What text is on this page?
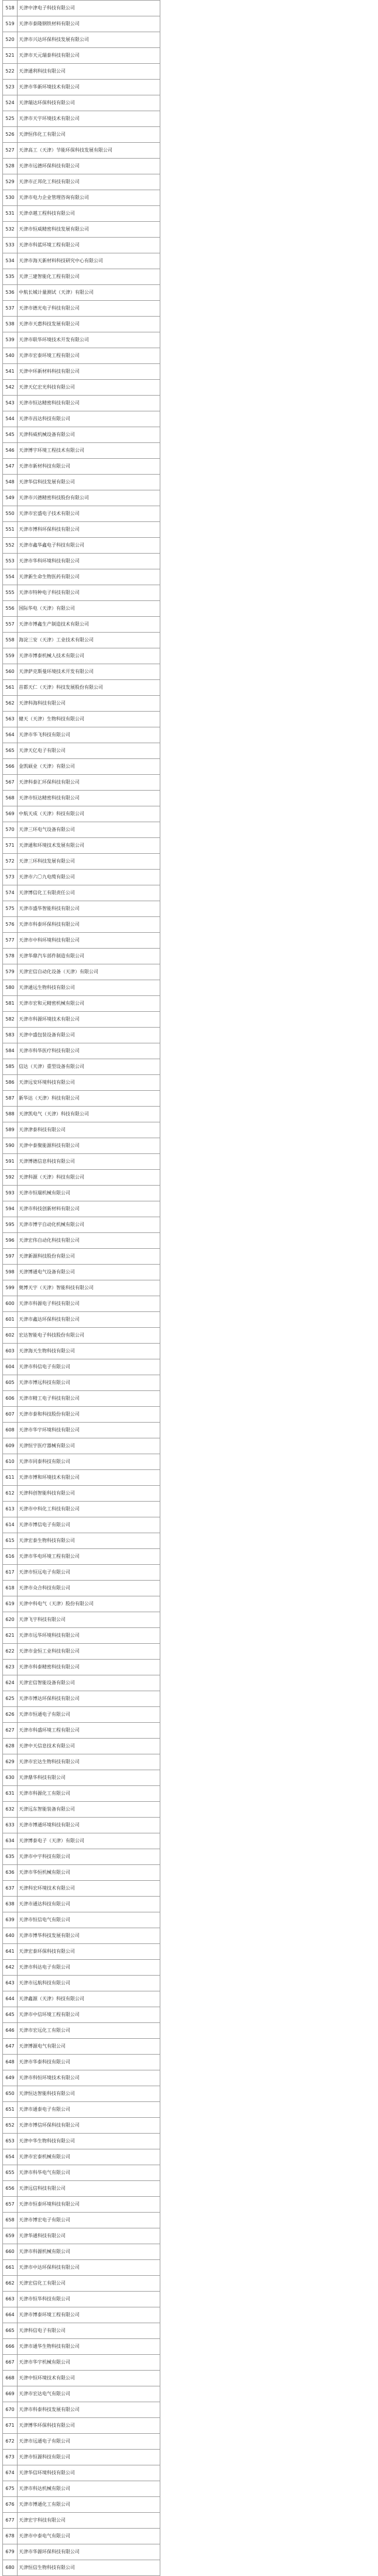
518	天津中津电子科技有限公司
519	天津市泰隆钢铁材料有限公司
520	天津市兴达环保科技发展有限公司
521	天津市天元瑞泰科技有限公司
522	天津通利科技有限公司
523	天津市华新环境技术有限公司
524	天津瑞达环保科技有限公司
525	天津市天宇环境技术有限公司
526	天津恒伟化工有限公司
527	天津高工（天津）节能环保科技发展有限公司
528	天津市远德环保科技有限公司
529	天津市正邦化工科技有限公司
530	天津市电力企业管理咨询有限公司
531	天津卓越工程科技有限公司
532	天津市恒威精密科技发展有限公司
533	天津市科蓝环境工程有限公司
534	天津市海天新材料科技研究中心有限公司
535	天津三建智能化工程有限公司
536	中航长城计量测试（天津）有限公司
537	天津市德光电子科技有限公司
538	天津市天惠科技发展有限公司
539	天津市联华环境技术开发有限公司
540	天津市宏泰环境工程有限公司
541	天津中环新材料科技有限公司
542	天津天亿宏光科技有限公司
543	天津市恒达精密科技有限公司
544	天津市昌达科技有限公司
545	天津科威机械设备有限公司
546	天津博宇环境工程技术有限公司
547	天津市新材科技有限公司
548	天津华信科技发展有限公司
549	天津市兴德精密科技股份有限公司
550	天津市宏盛电子技术有限公司
551	天津市博科环保科技有限公司
552	天津市鑫华鑫电子科技有限公司
553	天津市华科环境科技有限公司
554	天津新生命生物医药有限公司
555	天津市特种电子科技有限公司
556	国际华电（天津）有限公司
557	天津市博鑫生产制造技术有限公司
558	海淀三安（天津）工业技术有限公司
559	天津市博泰机械人技术有限公司
560	天津萨克斯曼环境技术开发有限公司
561	首都天仁（天津）科技发展股份有限公司
562	天津科海科技有限公司
563	健天（天津）生物科技有限公司
564	天津市华飞科技有限公司
565	天津天亿电子有限公司
566	金凯硕业（天津）有限公司
567	天津科泰汇环保科技有限公司
568	天津市恒达精密科技有限公司
569	中航天成（天津）科技有限公司
570	天津三环电气设备有限公司
571	天津通和环境技术发展有限公司
572	天津三环科技发展有限公司
573	天津市六〇九电缆有限公司
574	天津博信化工有限责任公司
575	天津市盛华智能科技有限公司
576	天津市科泰环保科技有限公司
577	天津市中科环境科技有限公司
578	天津华鼎汽车部件制造有限公司
579	天津宏信自动化设备（天津）有限公司
580	天津通远生物科技有限公司
581	天津市宏和元精密机械有限公司
582	天津市科源环境技术有限公司
583	天津中盛包装设备有限公司
584	天津市科华医疗科技有限公司
585	信达（天津）重型设备有限公司
586	天津远安环境科技有限公司
587	新华达（天津）科技有限公司
588	天津凯电气（天津）科技有限公司
589	天津津泰科技有限公司
590	天津中泰聚能源科技有限公司
591	天津博德信息科技有限公司
592	天津科源（天津）科技有限公司
593	天津市恒瑞机械有限公司
594	天津市科技创新材料有限公司
595	天津市博宇自动化机械有限公司
596	天津宏伟自动化科技有限公司
597	天津新源科技股份有限公司
598	天津博通电气设备有限公司
599	奥博天宇（天津）智能科技有限公司
600	天津市科源电子科技有限公司
601	天津市鑫达环保科技有限公司
602	宏达智能电子科技股份有限公司
603	天津海天生物科技有限公司
604	天津市科信电子有限公司
605	天津市博远科技有限公司
606	天津市精工电子科技有限公司
607	天津市泰和科技股份有限公司
608	天津市华宇环境科技有限公司
609	天津恒宇医疗器械有限公司
610	天津市同泰科技有限公司
611	天津市博和环境技术有限公司
612	天津科创智能科技有限公司
613	天津市中科化工科技有限公司
614	天津市博信电子有限公司
615	天津宏泰生物科技有限公司
616	天津市华电环境工程有限公司
617	天津市恒远电子有限公司
618	天津市众合科技有限公司
619	天津中科电气（天津）股份有限公司
620	天津飞宇科技有限公司
621	天津市远华环境科技有限公司
622	天津市金恒工业科技有限公司
623	天津市科泰精密科技有限公司
624	天津宏信智能设备有限公司
625	天津市博达环保科技有限公司
626	天津市恒通电子有限公司
627	天津市科盛环境工程有限公司
628	天津中天信息技术有限公司
629	天津市宏达生物科技有限公司
630	天津鼎华科技有限公司
631	天津市科源化工有限公司
632	天津远东智能装备有限公司
633	天津市博通环境科技有限公司
634	天津博泰电子（天津）有限公司
635	天津市中宇科技有限公司
636	天津市华恒机械有限公司
637	天津科宏环境技术有限公司
638	天津市通达科技有限公司
639	天津市恒信电气有限公司
640	天津市博华科技发展有限公司
641	天津宏泰环保科技有限公司
642	天津市科达电子有限公司
643	天津市远航科技有限公司
644	天津鑫源（天津）科技有限公司
645	天津市中信环境工程有限公司
646	天津市宏远化工有限公司
647	天津博源电气有限公司
648	天津市华泰科技有限公司
649	天津市科恒环境技术有限公司
650	天津恒达智能科技有限公司
651	天津市通泰电子有限公司
652	天津市博信环保科技有限公司
653	天津中华生物科技有限公司
654	天津市宏泰机械有限公司
655	天津市科华电气有限公司
656	天津远信科技有限公司
657	天津市恒泰环境科技有限公司
658	天津市博宏电子有限公司
659	天津华通科技有限公司
660	天津市科源机械有限公司
661	天津市中达环保科技有限公司
662	天津宏信化工有限公司
663	天津市恒华科技有限公司
664	天津市博泰环境工程有限公司
665	天津科信电子有限公司
666	天津市通华生物科技有限公司
667	天津市华宇机械有限公司
668	天津中恒环境技术有限公司
669	天津市宏达电气有限公司
670	天津市科泰科技发展有限公司
671	天津博华环保科技有限公司
672	天津市远通电子有限公司
673	天津市恒源科技有限公司
674	天津华信环境科技有限公司
675	天津市科达机械有限公司
676	天津市博通化工有限公司
677	天津宏宇科技有限公司
678	天津市中泰电气有限公司
679	天津市华源环保科技有限公司
680	天津恒信生物科技有限公司
